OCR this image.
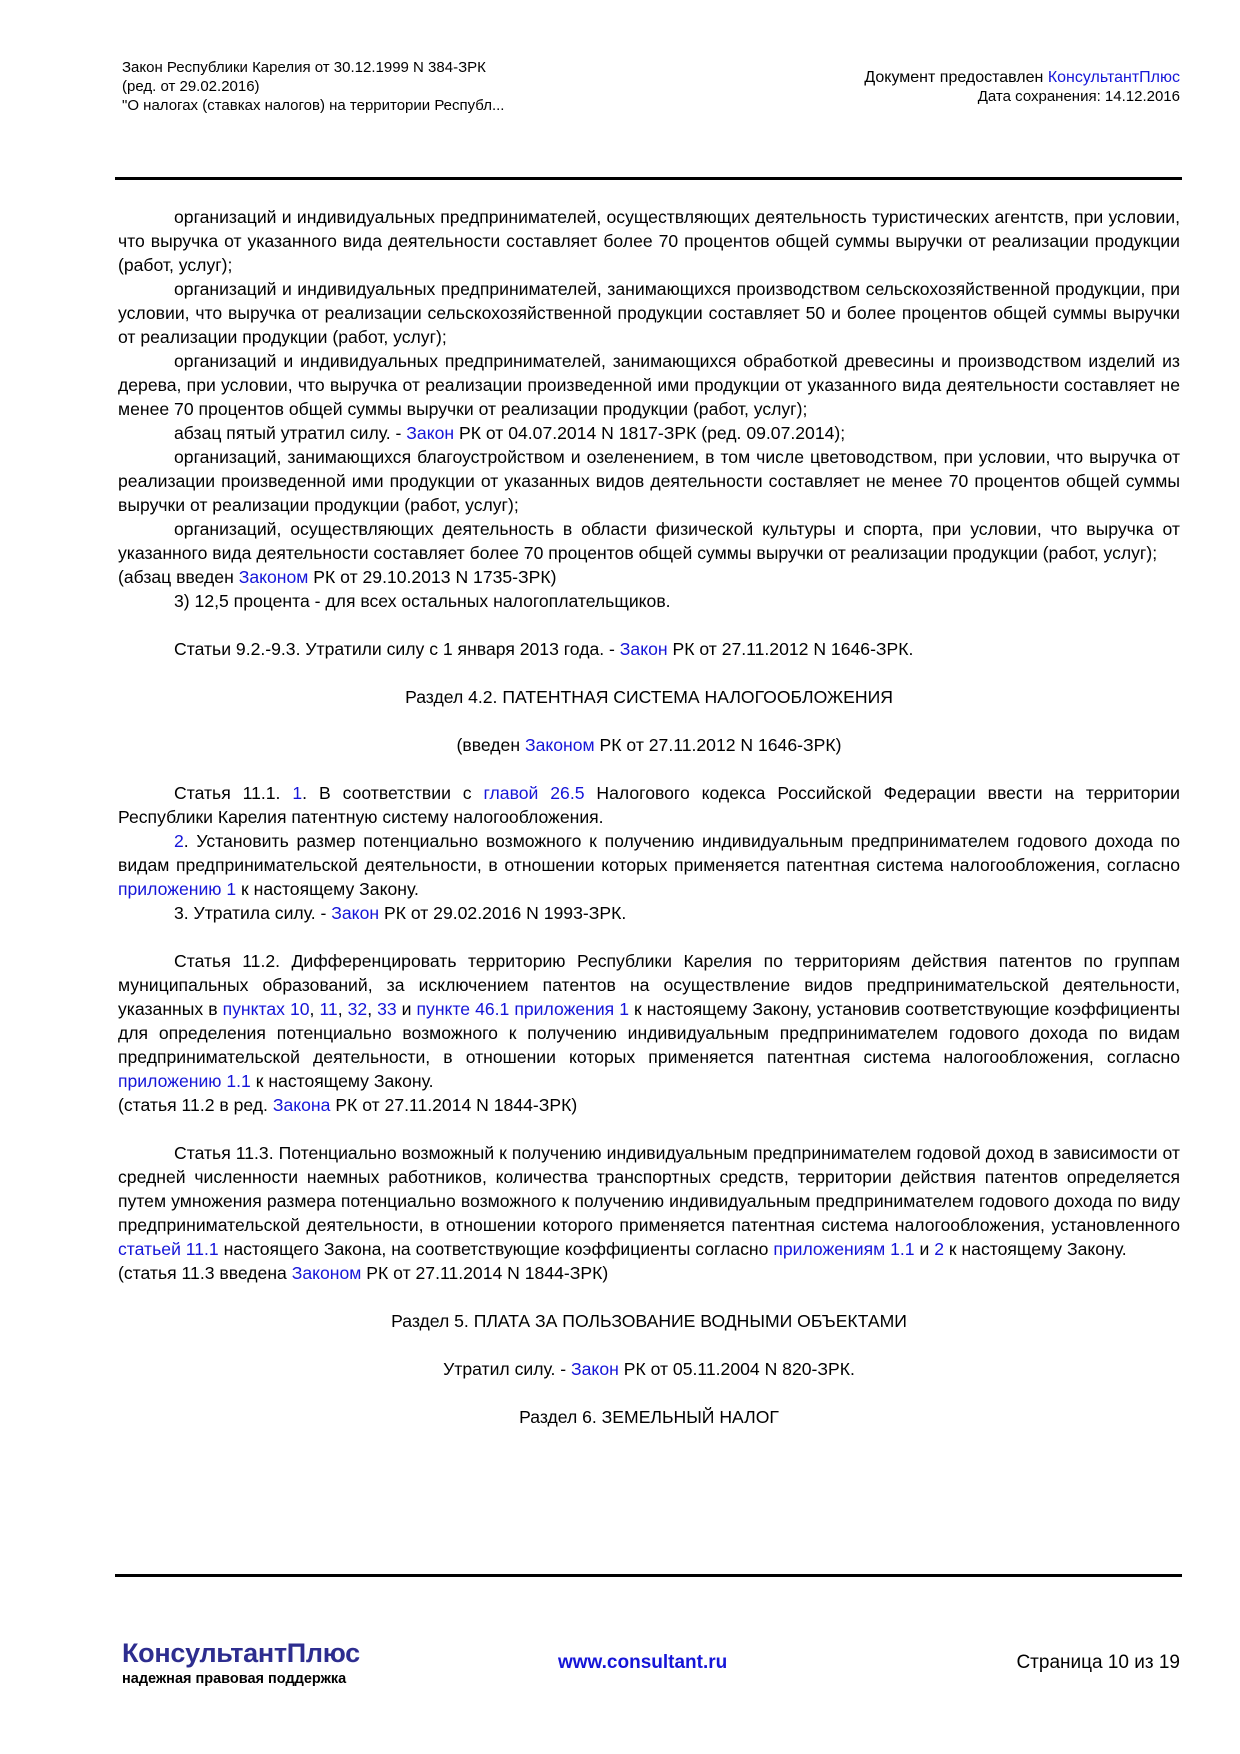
Закон Республики Карелия от 30.12.1999 N 384-ЗРК
(ред. от 29.02.2016)
"О налогах (ставках налогов) на территории Республ...
Документ предоставлен КонсультантПлюс
Дата сохранения: 14.12.2016

организаций и индивидуальных предпринимателей, осуществляющих деятельность туристических агентств, при условии, что выручка от указанного вида деятельности составляет более 70 процентов общей суммы выручки от реализации продукции (работ, услуг);

организаций и индивидуальных предпринимателей, занимающихся производством сельскохозяйственной продукции, при условии, что выручка от реализации сельскохозяйственной продукции составляет 50 и более процентов общей суммы выручки от реализации продукции (работ, услуг);

организаций и индивидуальных предпринимателей, занимающихся обработкой древесины и производством изделий из дерева, при условии, что выручка от реализации произведенной ими продукции от указанного вида деятельности составляет не менее 70 процентов общей суммы выручки от реализации продукции (работ, услуг);

абзац пятый утратил силу. - Закон РК от 04.07.2014 N 1817-ЗРК (ред. 09.07.2014);

организаций, занимающихся благоустройством и озеленением, в том числе цветоводством, при условии, что выручка от реализации произведенной ими продукции от указанных видов деятельности составляет не менее 70 процентов общей суммы выручки от реализации продукции (работ, услуг);

организаций, осуществляющих деятельность в области физической культуры и спорта, при условии, что выручка от указанного вида деятельности составляет более 70 процентов общей суммы выручки от реализации продукции (работ, услуг);

(абзац введен Законом РК от 29.10.2013 N 1735-ЗРК)

3) 12,5 процента - для всех остальных налогоплательщиков.

Статьи 9.2.-9.3. Утратили силу с 1 января 2013 года. - Закон РК от 27.11.2012 N 1646-ЗРК.

Раздел 4.2. ПАТЕНТНАЯ СИСТЕМА НАЛОГООБЛОЖЕНИЯ

(введен Законом РК от 27.11.2012 N 1646-ЗРК)

Статья 11.1. 1. В соответствии с главой 26.5 Налогового кодекса Российской Федерации ввести на территории Республики Карелия патентную систему налогообложения.

2. Установить размер потенциально возможного к получению индивидуальным предпринимателем годового дохода по видам предпринимательской деятельности, в отношении которых применяется патентная система налогообложения, согласно приложению 1 к настоящему Закону.

3. Утратила силу. - Закон РК от 29.02.2016 N 1993-ЗРК.

Статья 11.2. Дифференцировать территорию Республики Карелия по территориям действия патентов по группам муниципальных образований, за исключением патентов на осуществление видов предпринимательской деятельности, указанных в пунктах 10, 11, 32, 33 и пункте 46.1 приложения 1 к настоящему Закону, установив соответствующие коэффициенты для определения потенциально возможного к получению индивидуальным предпринимателем годового дохода по видам предпринимательской деятельности, в отношении которых применяется патентная система налогообложения, согласно приложению 1.1 к настоящему Закону.

(статья 11.2 в ред. Закона РК от 27.11.2014 N 1844-ЗРК)

Статья 11.3. Потенциально возможный к получению индивидуальным предпринимателем годовой доход в зависимости от средней численности наемных работников, количества транспортных средств, территории действия патентов определяется путем умножения размера потенциально возможного к получению индивидуальным предпринимателем годового дохода по виду предпринимательской деятельности, в отношении которого применяется патентная система налогообложения, установленного статьей 11.1 настоящего Закона, на соответствующие коэффициенты согласно приложениям 1.1 и 2 к настоящему Закону.

(статья 11.3 введена Законом РК от 27.11.2014 N 1844-ЗРК)

Раздел 5. ПЛАТА ЗА ПОЛЬЗОВАНИЕ ВОДНЫМИ ОБЪЕКТАМИ

Утратил силу. - Закон РК от 05.11.2004 N 820-ЗРК.

Раздел 6. ЗЕМЕЛЬНЫЙ НАЛОГ

КонсультантПлюс
надежная правовая поддержка
www.consultant.ru	Страница 10 из 19
